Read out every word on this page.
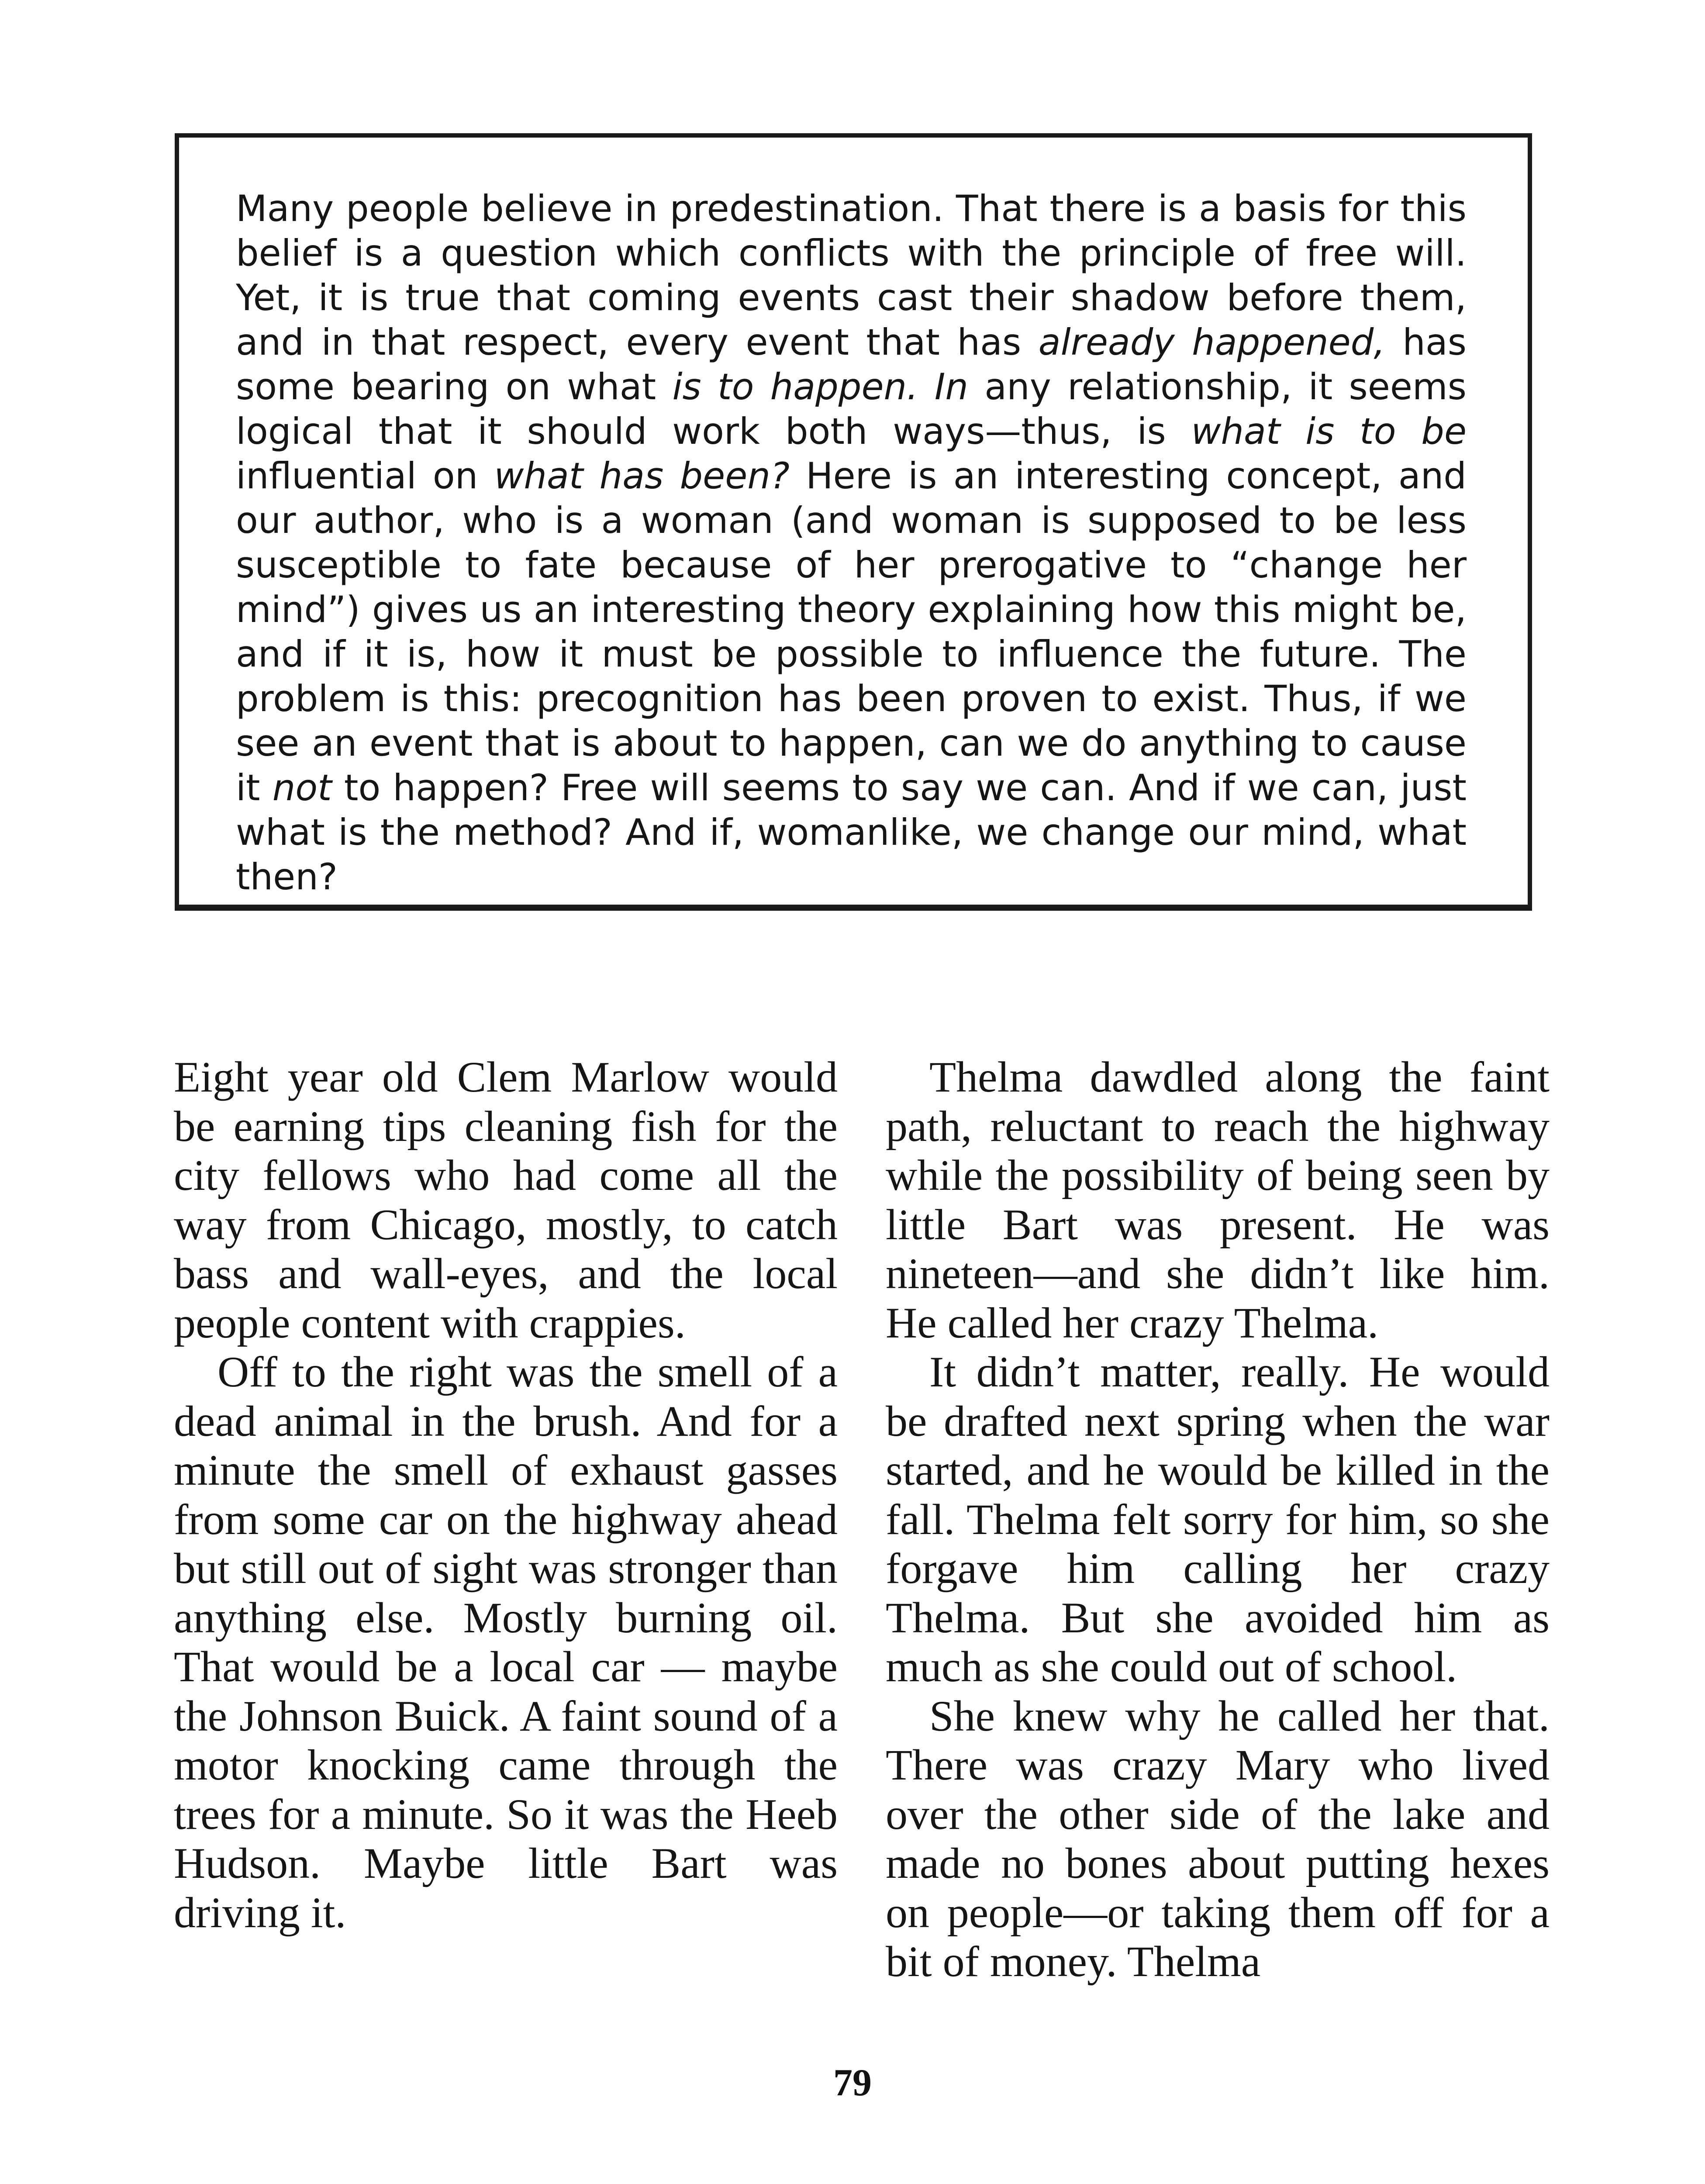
Many people believe in predestination. That there is a basis for this belief is a question which conflicts with the principle of free will. Yet, it is true that coming events cast their shadow before them, and in that respect, every event that has already happened, has some bearing on what is to happen. In any relationship, it seems logical that it should work both ways—thus, is what is to be influential on what has been? Here is an interesting concept, and our author, who is a woman (and woman is supposed to be less susceptible to fate because of her prerogative to “change her mind”) gives us an interesting theory explaining how this might be, and if it is, how it must be possible to influence the future. The problem is this: precognition has been proven to exist. Thus, if we see an event that is about to happen, can we do anything to cause it not to happen? Free will seems to say we can. And if we can, just what is the method? And if, womanlike, we change our mind, what then?

Eight year old Clem Marlow would be earning tips cleaning fish for the city fellows who had come all the way from Chicago, mostly, to catch bass and wall-eyes, and the local people content with crappies.

Off to the right was the smell of a dead animal in the brush. And for a minute the smell of exhaust gasses from some car on the highway ahead but still out of sight was stronger than anything else. Mostly burning oil. That would be a local car — maybe the Johnson Buick. A faint sound of a motor knocking came through the trees for a minute. So it was the Heeb Hudson. Maybe little Bart was driving it.

Thelma dawdled along the faint path, reluctant to reach the highway while the possibility of being seen by little Bart was present. He was nineteen—and she didn’t like him. He called her crazy Thelma.

It didn’t matter, really. He would be drafted next spring when the war started, and he would be killed in the fall. Thelma felt sorry for him, so she forgave him calling her crazy Thelma. But she avoided him as much as she could out of school.

She knew why he called her that. There was crazy Mary who lived over the other side of the lake and made no bones about putting hexes on people—or taking them off for a bit of money. Thelma

79
